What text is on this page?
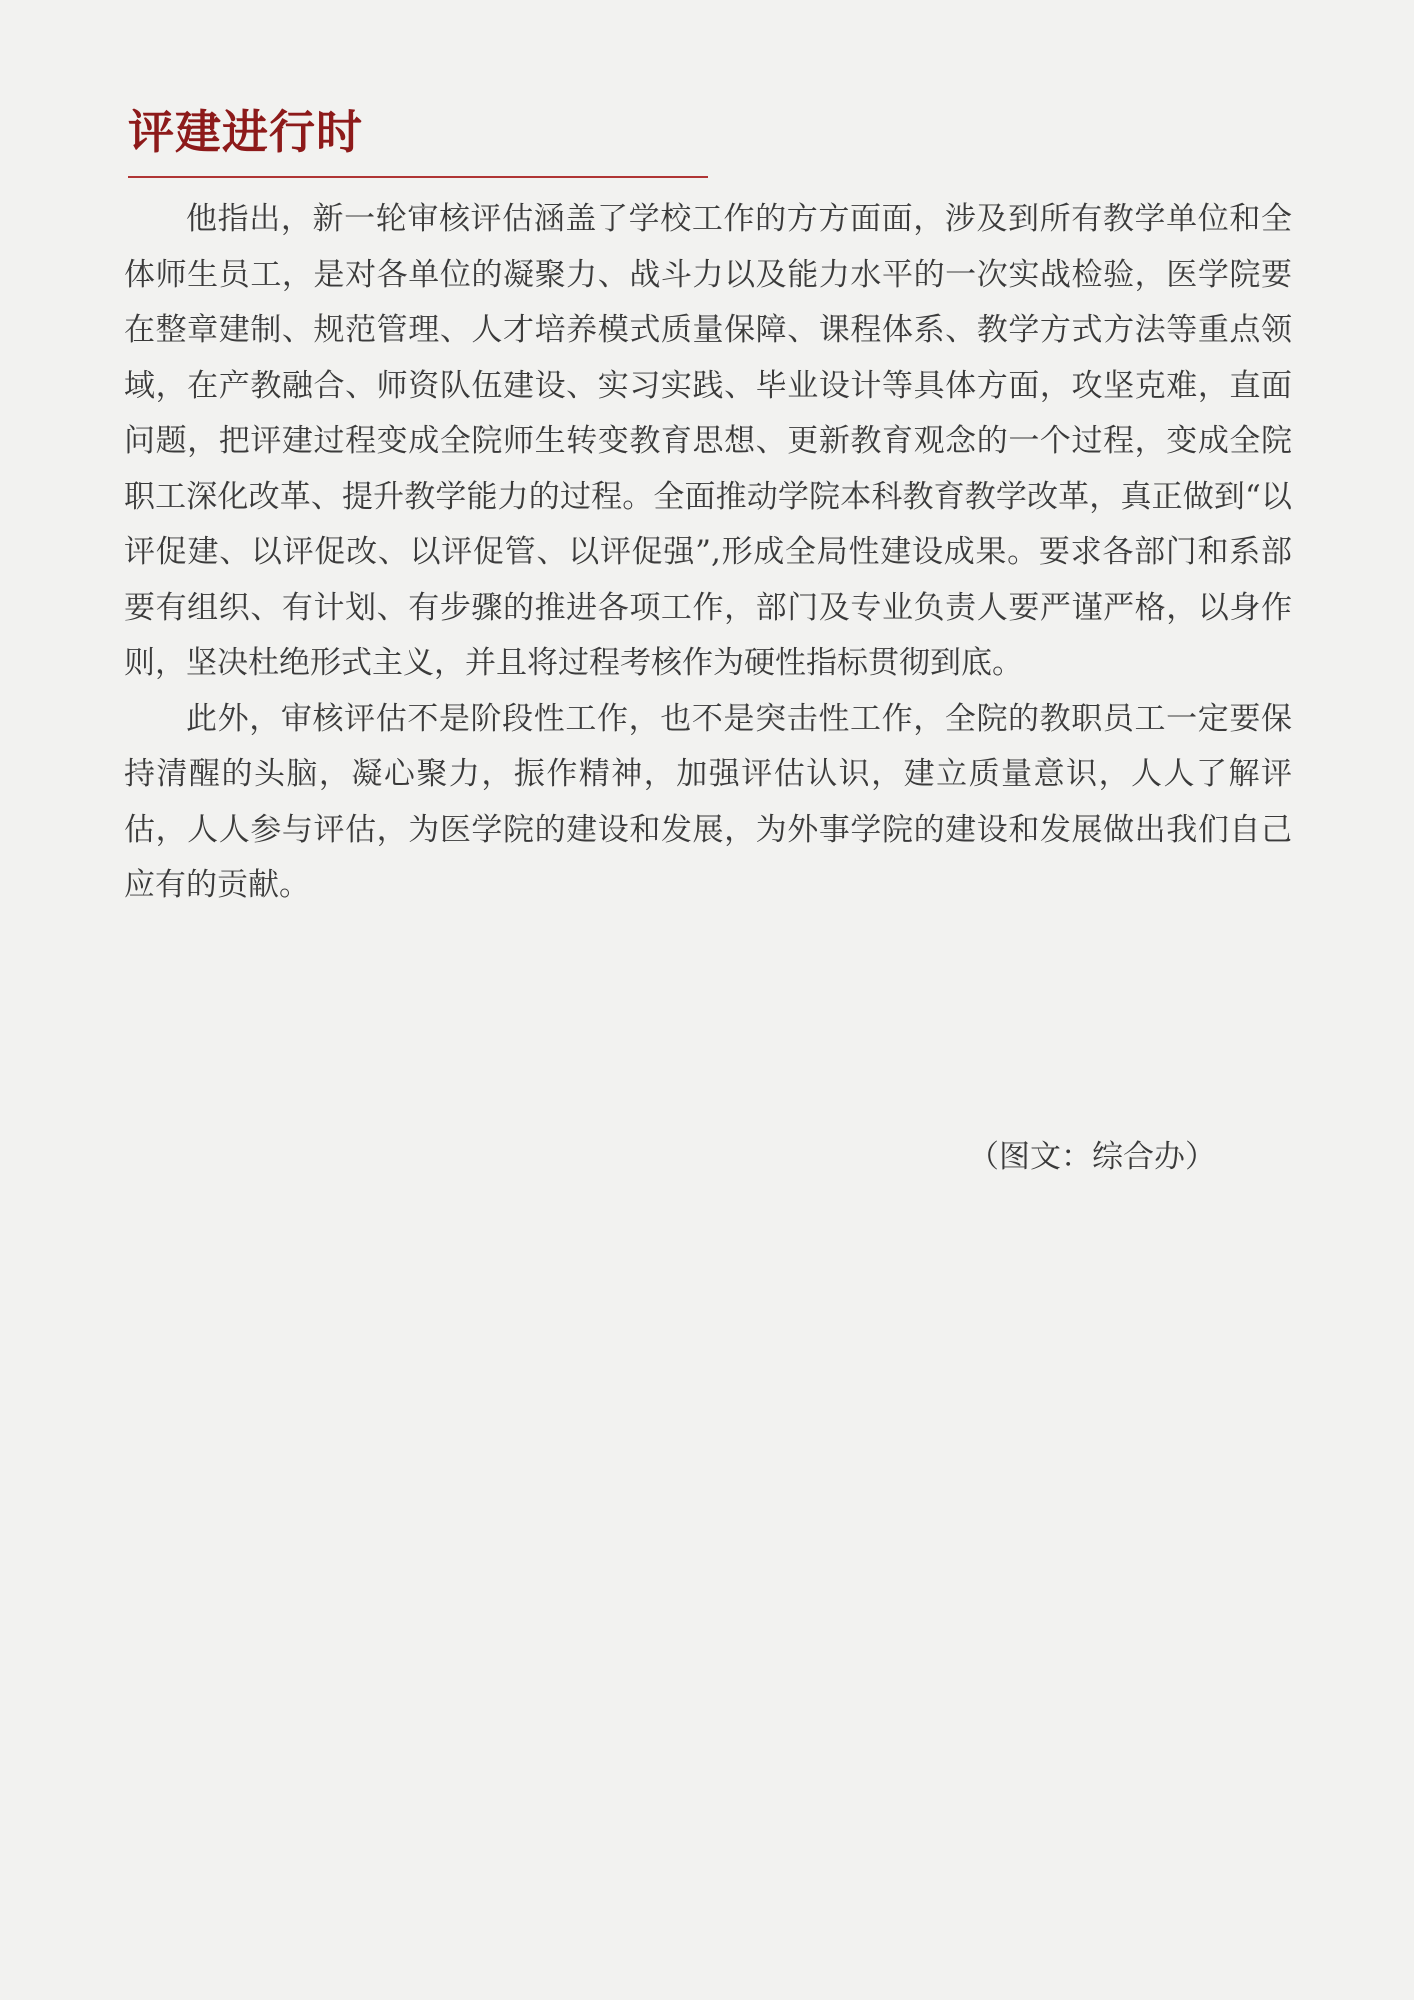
评建进行时

他指出，新一轮审核评估涵盖了学校工作的方方面面，涉及到所有教学单位和全体师生员工，是对各单位的凝聚力、战斗力以及能力水平的一次实战检验，医学院要在整章建制、规范管理、人才培养模式质量保障、课程体系、教学方式方法等重点领域，在产教融合、师资队伍建设、实习实践、毕业设计等具体方面，攻坚克难，直面问题，把评建过程变成全院师生转变教育思想、更新教育观念的一个过程，变成全院职工深化改革、提升教学能力的过程。全面推动学院本科教育教学改革，真正做到“以评促建、以评促改、以评促管、以评促强”,形成全局性建设成果。要求各部门和系部要有组织、有计划、有步骤的推进各项工作，部门及专业负责人要严谨严格，以身作则，坚决杜绝形式主义，并且将过程考核作为硬性指标贯彻到底。

此外，审核评估不是阶段性工作，也不是突击性工作，全院的教职员工一定要保持清醒的头脑，凝心聚力，振作精神，加强评估认识，建立质量意识，人人了解评估，人人参与评估，为医学院的建设和发展，为外事学院的建设和发展做出我们自己应有的贡献。

（图文：综合办）
